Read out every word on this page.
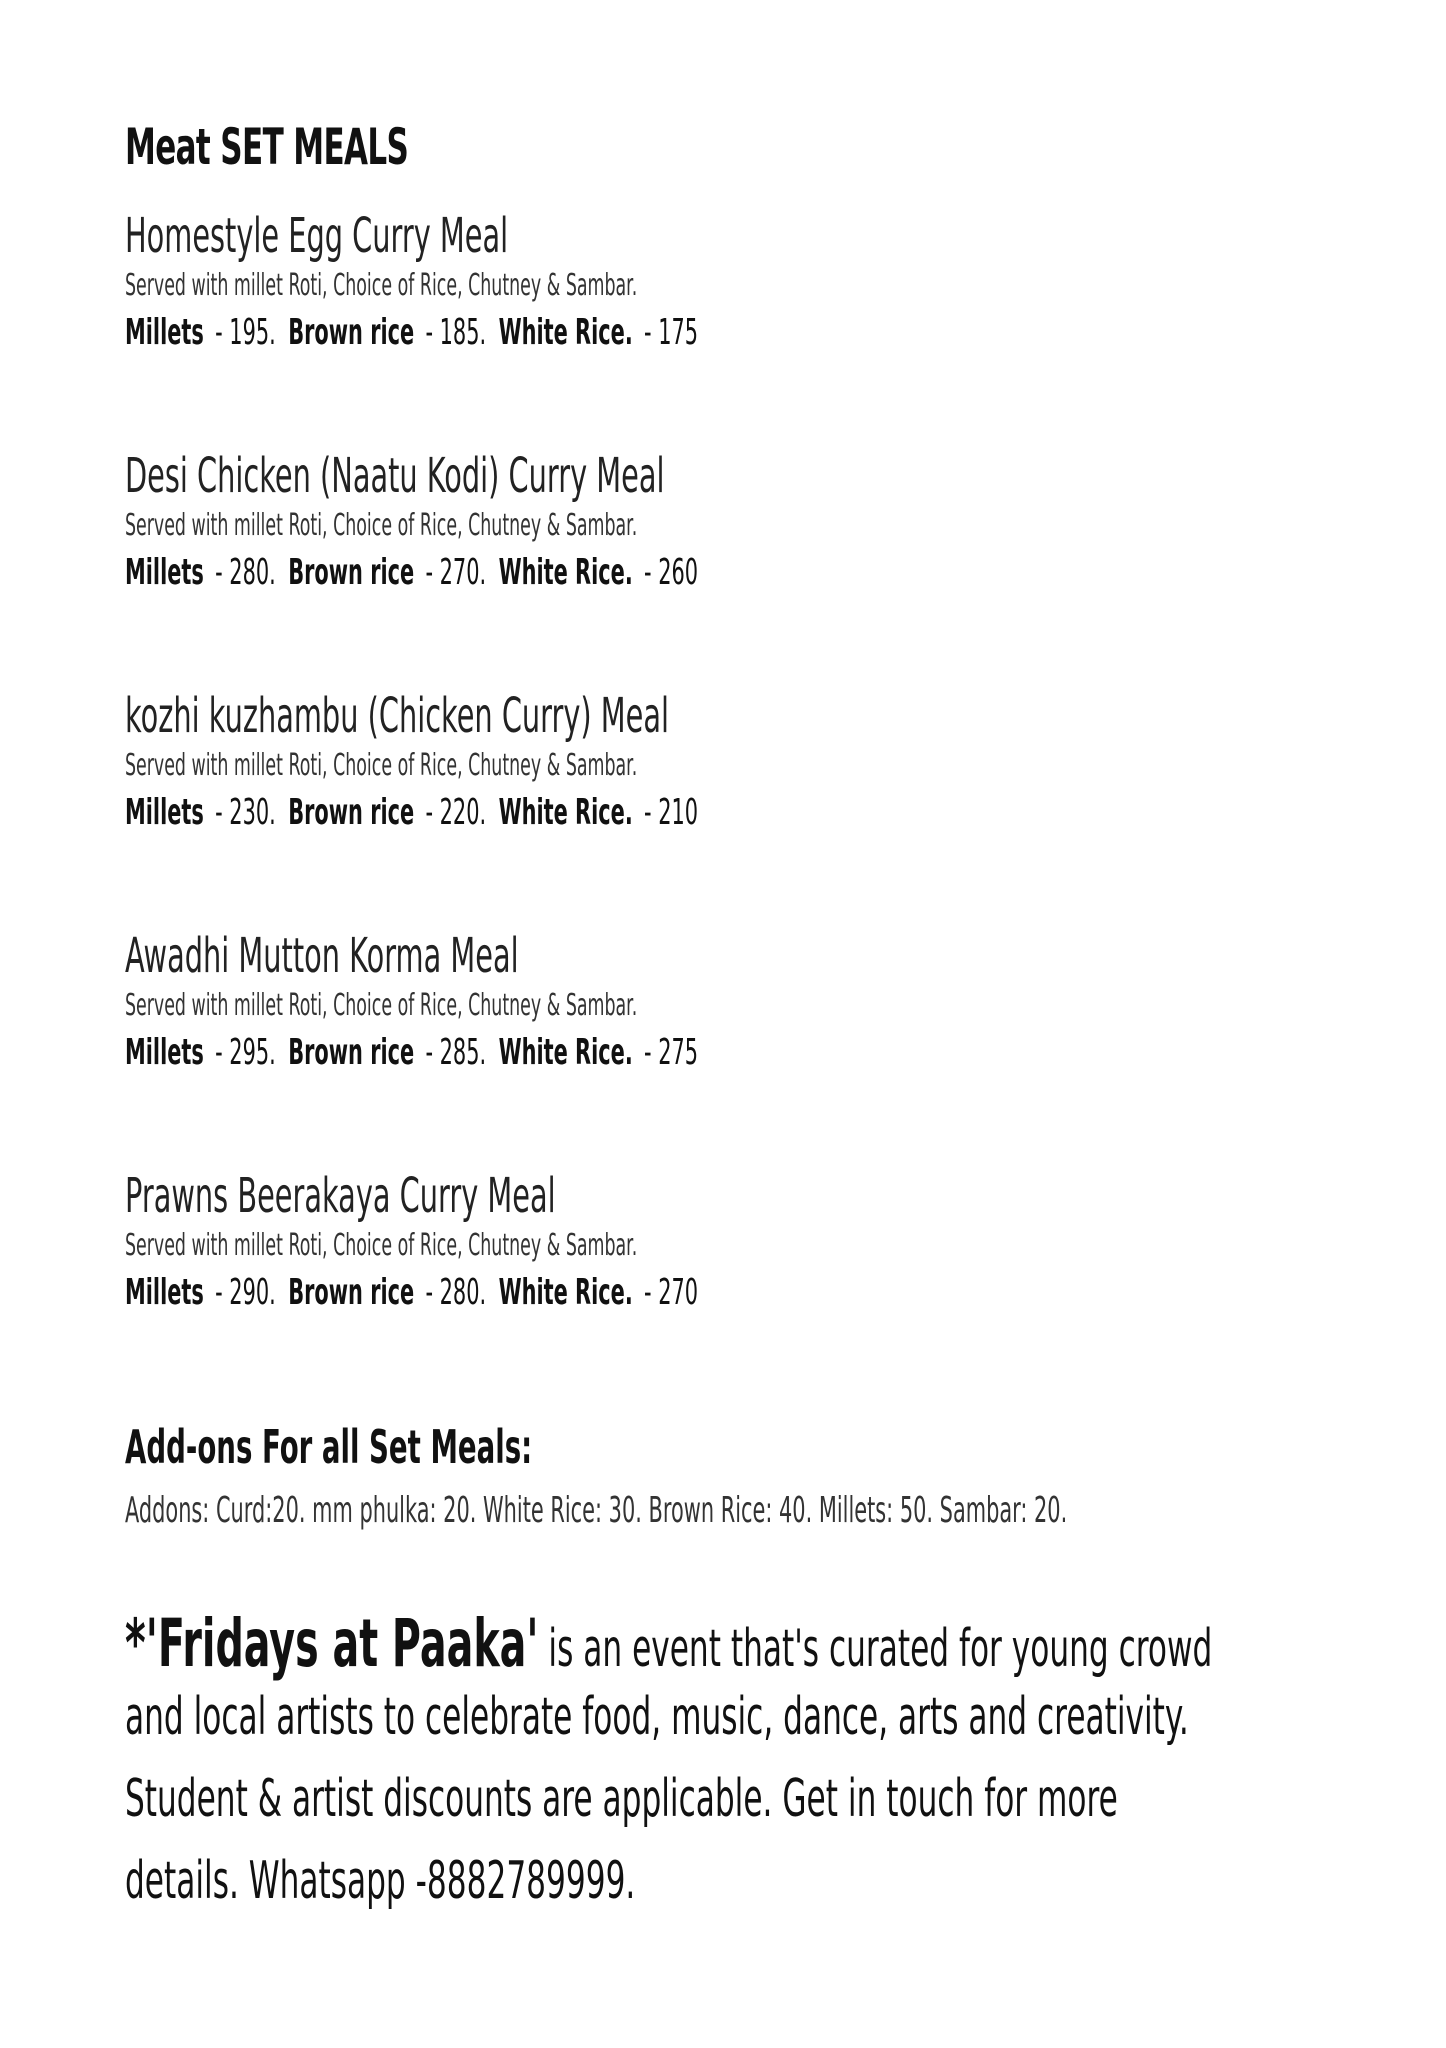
Meat SET MEALS
Homestyle Egg Curry Meal
Served with millet Roti, Choice of Rice, Chutney & Sambar.
Millets - 195. Brown rice - 185. White Rice. - 175
Desi Chicken (Naatu Kodi) Curry Meal
Served with millet Roti, Choice of Rice, Chutney & Sambar.
Millets - 280. Brown rice - 270. White Rice. - 260
kozhi kuzhambu (Chicken Curry) Meal
Served with millet Roti, Choice of Rice, Chutney & Sambar.
Millets - 230. Brown rice - 220. White Rice. - 210
Awadhi Mutton Korma Meal
Served with millet Roti, Choice of Rice, Chutney & Sambar.
Millets - 295. Brown rice - 285. White Rice. - 275
Prawns Beerakaya Curry Meal
Served with millet Roti, Choice of Rice, Chutney & Sambar.
Millets - 290. Brown rice - 280. White Rice. - 270
Add-ons For all Set Meals:
Addons: Curd:20. mm phulka: 20. White Rice: 30. Brown Rice: 40. Millets: 50. Sambar: 20.
*'Fridays at Paaka' is an event that's curated for young crowd
and local artists to celebrate food, music, dance, arts and creativity.
Student & artist discounts are applicable. Get in touch for more
details. Whatsapp -8882789999.
